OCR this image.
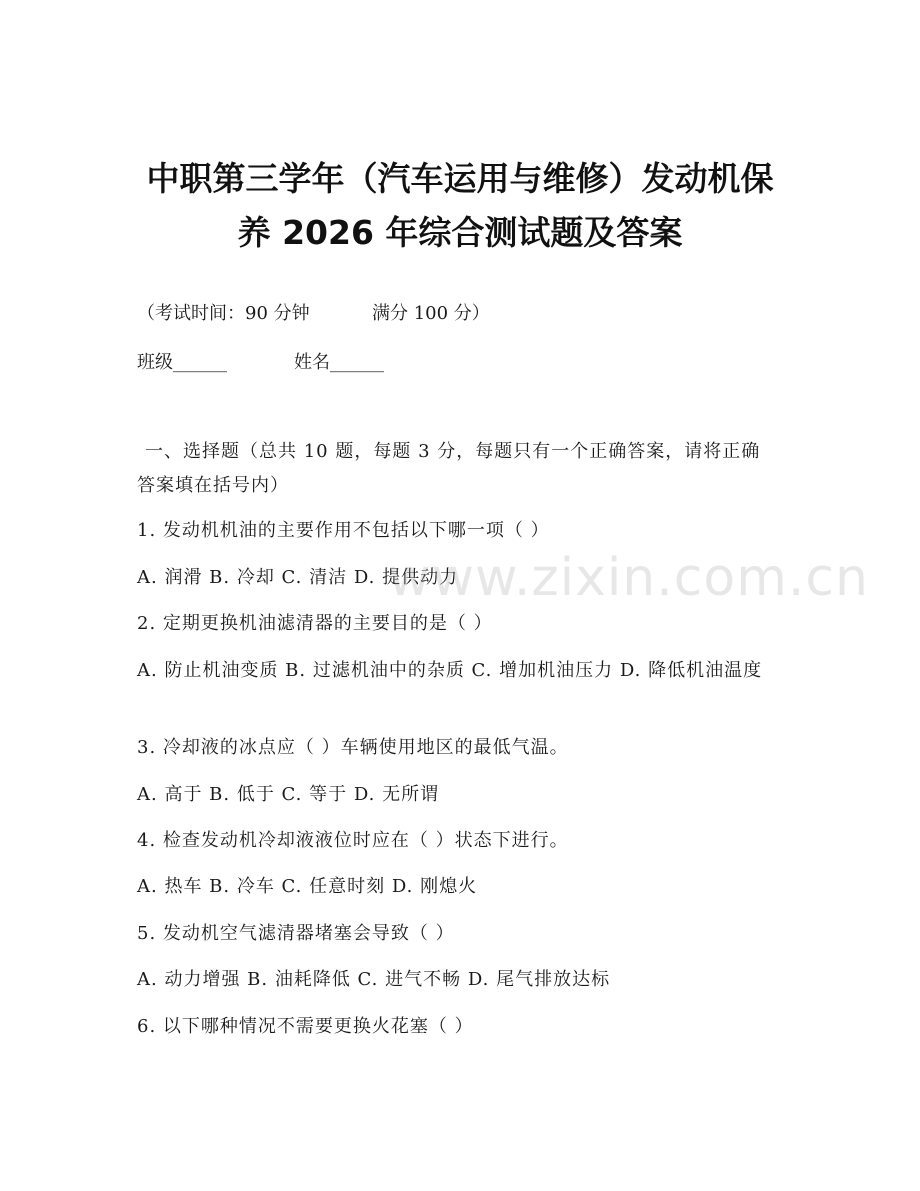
中职第三学年（汽车运用与维修）发动机保
养 2026 年综合测试题及答案
（考试时间：90 分钟	满分 100 分）
班级______	姓名______
一、选择题（总共 10 题，每题 3 分，每题只有一个正确答案，请将正确答案填在括号内）
1. 发动机机油的主要作用不包括以下哪一项（ ）
A. 润滑 B. 冷却 C. 清洁 D. 提供动力
2. 定期更换机油滤清器的主要目的是（ ）
A. 防止机油变质 B. 过滤机油中的杂质 C. 增加机油压力 D. 降低机油温度
3. 冷却液的冰点应（ ）车辆使用地区的最低气温。
A. 高于 B. 低于 C. 等于 D. 无所谓
4. 检查发动机冷却液液位时应在（ ）状态下进行。
A. 热车 B. 冷车 C. 任意时刻 D. 刚熄火
5. 发动机空气滤清器堵塞会导致（ ）
A. 动力增强 B. 油耗降低 C. 进气不畅 D. 尾气排放达标
6. 以下哪种情况不需要更换火花塞（ ）
www.zixin.com.cn
